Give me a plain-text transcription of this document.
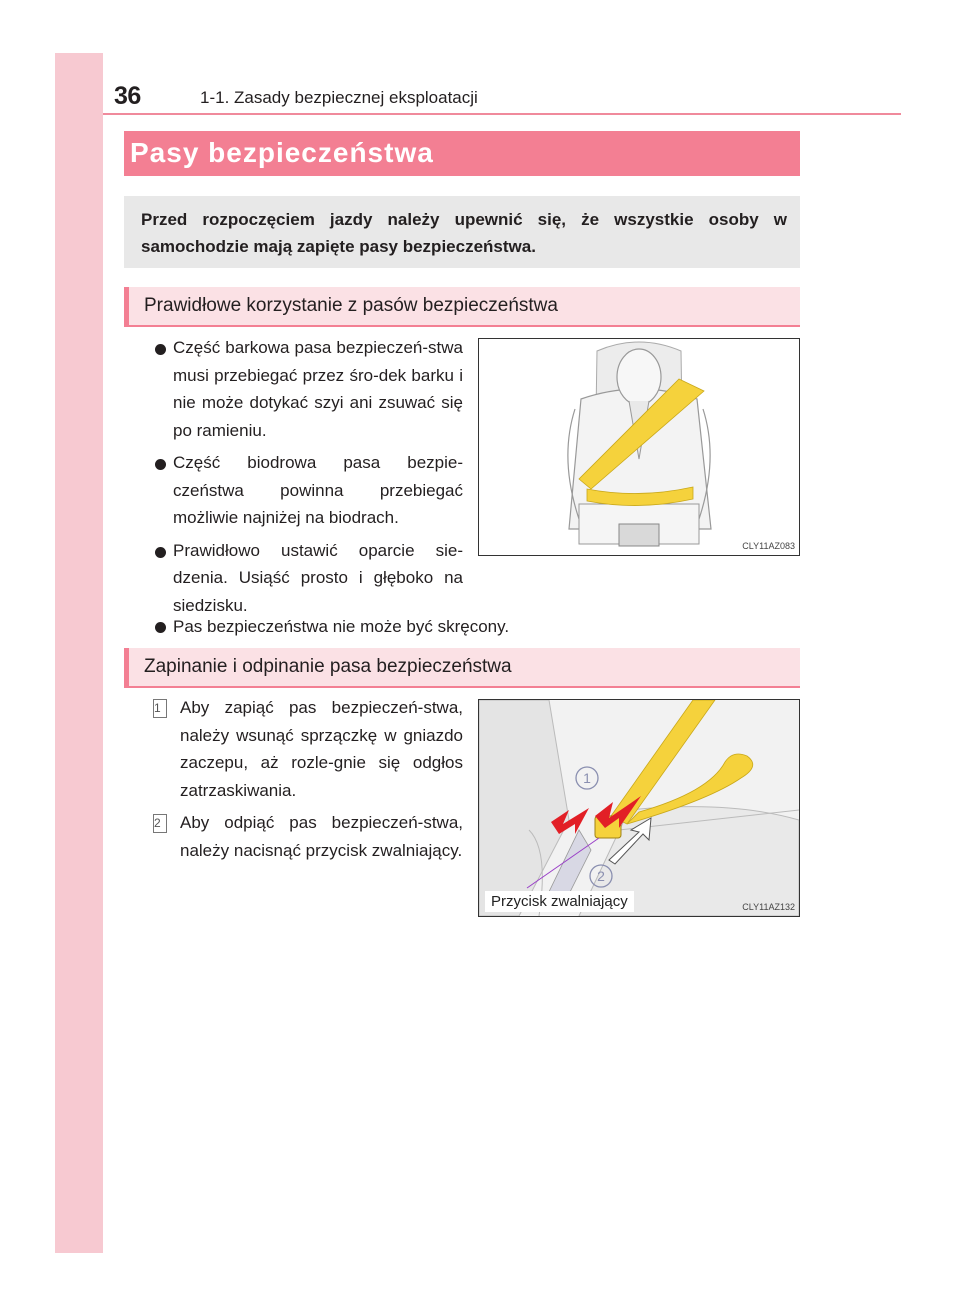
36	1-1. Zasady bezpiecznej eksploatacji
Pasy bezpieczeństwa
Przed rozpoczęciem jazdy należy upewnić się, że wszystkie osoby w samochodzie mają zapięte pasy bezpieczeństwa.
Prawidłowe korzystanie z pasów bezpieczeństwa
Część barkowa pasa bezpieczeń-stwa musi przebiegać przez śro-dek barku i nie może dotykać szyi ani zsuwać się po ramieniu.
Część biodrowa pasa bezpie-czeństwa powinna przebiegać możliwie najniżej na biodrach.
Prawidłowo ustawić oparcie sie-dzenia. Usiąść prosto i głęboko na siedzisku.
Pas bezpieczeństwa nie może być skręcony.
CLY11AZ083
Zapinanie i odpinanie pasa bezpieczeństwa
1	Aby zapiąć pas bezpieczeń-stwa, należy wsunąć sprzączkę w gniazdo zaczepu, aż rozle-gnie się odgłos zatrzaskiwania.
2	Aby odpiąć pas bezpieczeń-stwa, należy nacisnąć przycisk zwalniający.
1
2
Przycisk zwalniający	CLY11AZ132
